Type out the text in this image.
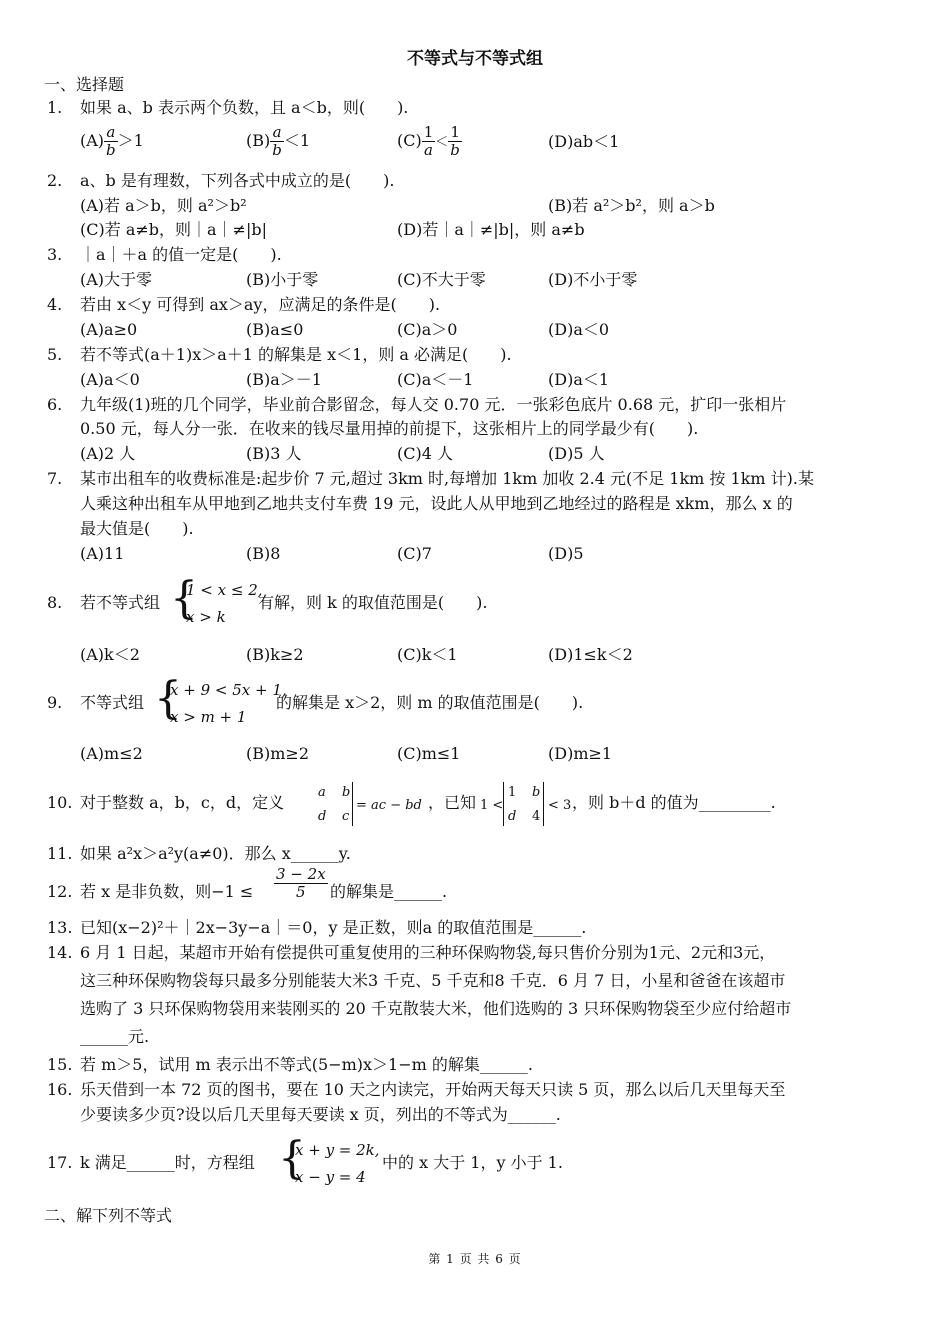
不等式与不等式组
一、选择题
1. 如果 a、b 表示两个负数，且 a＜b，则(　　).
$(A) \frac{a}{b} >1$	$(B) \frac{a}{b} <1$	$(C) \frac{1}{a} < \frac{1}{b}$	(D)ab＜1
2. a、b 是有理数，下列各式中成立的是(　　).
(A)若 a＞b，则 a²＞b²	(B)若 a²＞b²，则 a＞b
(C)若 a≠b，则｜a｜≠|b|	(D)若｜a｜≠|b|，则 a≠b
3. ｜a｜＋a 的值一定是(　　).
(A)大于零	(B)小于零	(C)不大于零	(D)不小于零
4. 若由 x＜y 可得到 ax＞ay，应满足的条件是(　　).
(A)a≥0	(B)a≤0	(C)a＞0	(D)a＜0
5. 若不等式(a＋1)x＞a＋1 的解集是 x＜1，则 a 必满足(　　).
(A)a＜0	(B)a＞－1	(C)a＜－1	(D)a＜1
6. 九年级(1)班的几个同学，毕业前合影留念，每人交 0.70 元．一张彩色底片 0.68 元，扩印一张相片
0.50 元，每人分一张．在收来的钱尽量用掉的前提下，这张相片上的同学最少有(　　).
(A)2 人	(B)3 人	(C)4 人	(D)5 人
7. 某市出租车的收费标准是:起步价 7 元,超过 3km 时,每增加 1km 加收 2.4 元(不足 1km 按 1km 计).某
人乘这种出租车从甲地到乙地共支付车费 19 元，设此人从甲地到乙地经过的路程是 xkm，那么 x 的
最大值是(　　).
(A)11	(B)8	(C)7	(D)5
8. 若不等式组 {
1 < x ≤ 2,
x > k
有解，则 k 的取值范围是(　　).
(A)k＜2	(B)k≥2	(C)k＜1	(D)1≤k＜2
9. 不等式组 {
x + 9 < 5x + 1,
x > m + 1
的解集是 x＞2，则 m 的取值范围是(　　).
(A)m≤2	(B)m≥2	(C)m≤1	(D)m≥1
10. 对于整数 a，b，c，d，定义
a b
d c
= ac − bd ，已知 1 <
1 b
d 4
< 3 ，则 b＋d 的值为_________.
11. 如果 a²x＞a²y(a≠0)．那么 x______y.
12. 若 x 是非负数，则$-1 \le \frac{3 - 2x}{5}$ 的解集是______.
13. 已知(x−2)²＋｜2x−3y−a｜＝0，y 是正数，则a 的取值范围是______.
14. 6 月 1 日起，某超市开始有偿提供可重复使用的三种环保购物袋,每只售价分别为1元、2元和3元，
这三种环保购物袋每只最多分别能装大米3 千克、5 千克和8 千克．6 月 7 日，小星和爸爸在该超市
选购了 3 只环保购物袋用来装刚买的 20 千克散装大米，他们选购的 3 只环保购物袋至少应付给超市
______元.
15. 若 m＞5，试用 m 表示出不等式(5−m)x＞1−m 的解集______.
16. 乐天借到一本 72 页的图书，要在 10 天之内读完，开始两天每天只读 5 页，那么以后几天里每天至
少要读多少页?设以后几天里每天要读 x 页，列出的不等式为______.
17. k 满足______时，方程组 {
x + y = 2k,
x − y = 4
中的 x 大于 1，y 小于 1.
二、解下列不等式
第 1 页 共 6 页
